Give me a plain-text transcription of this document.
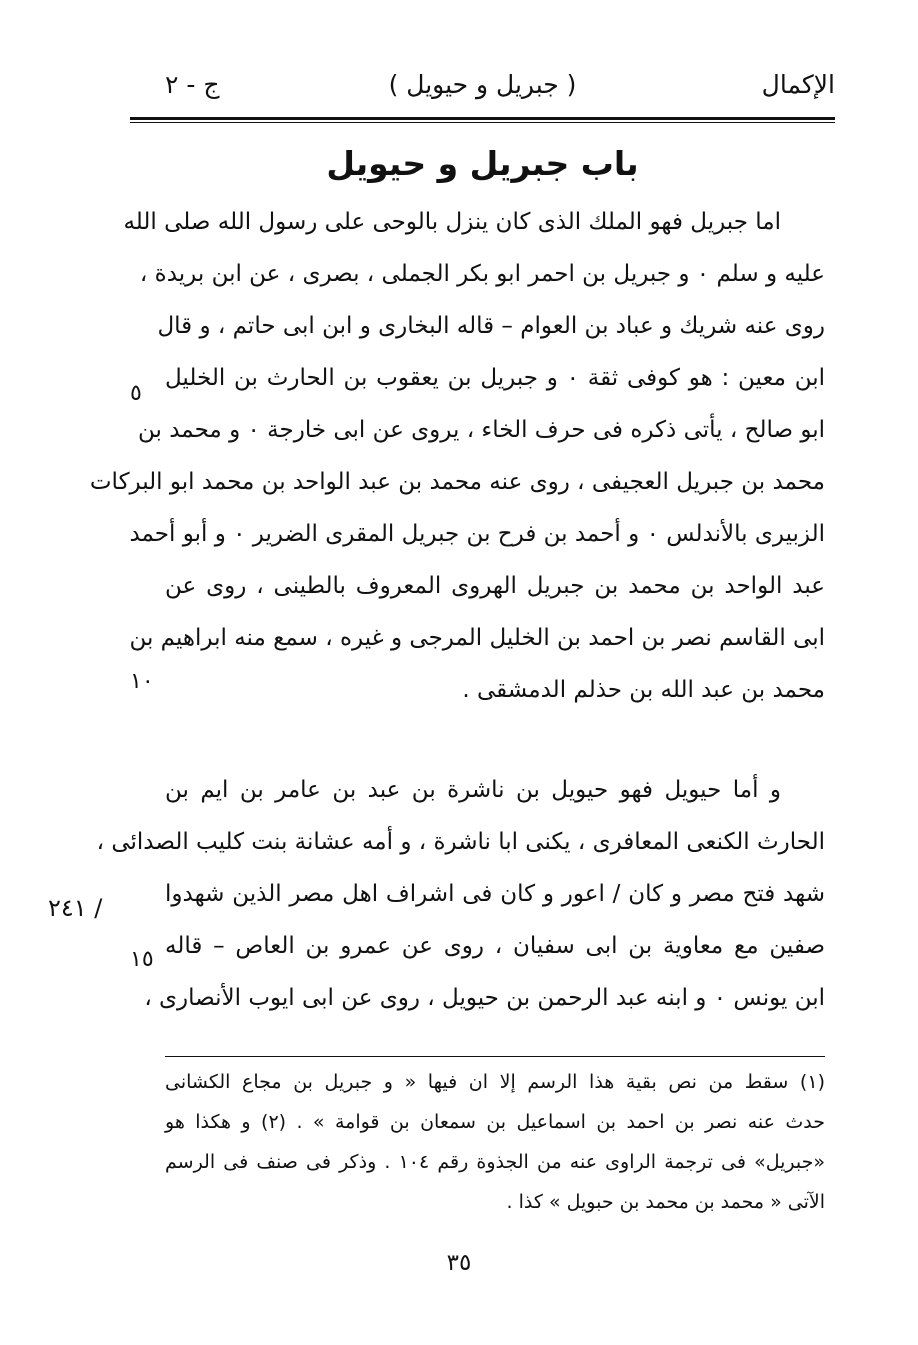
الإكمال
( جبريل و حيويل )
ج - ٢
باب جبريل و حيويل
اما جبريل فهو الملك الذى كان ينزل بالوحى على رسول الله صلى الله
عليه و سلم ۰ و جبريل بن احمر ابو بكر الجملى ، بصرى ، عن ابن بريدة ،
روى عنه شريك و عباد بن العوام – قاله البخارى و ابن ابى حاتم ، و قال
ابن معين : هو كوفى ثقة ۰ و جبريل بن يعقوب بن الحارث بن الخليل
ابو صالح ، يأتى ذكره فى حرف الخاء ، يروى عن ابى خارجة ۰ و محمد بن
محمد بن جبريل العجيفى ، روى عنه محمد بن عبد الواحد بن محمد ابو البركات
الزبيرى بالأندلس ۰ و أحمد بن فرح بن جبريل المقرى الضرير ۰ و أبو أحمد
عبد الواحد بن محمد بن جبريل الهروى المعروف بالطينى ، روى عن
ابى القاسم نصر بن احمد بن الخليل المرجى و غيره ، سمع منه ابراهيم بن
محمد بن عبد الله بن حذلم الدمشقى .
و أما حيويل فهو حيويل بن ناشرة بن عبد بن عامر بن ايم بن
الحارث الكنعى المعافرى ، يكنى ابا ناشرة ، و أمه عشانة بنت كليب الصدائى ،
شهد فتح مصر و كان / اعور و كان فى اشراف اهل مصر الذين شهدوا
صفين مع معاوية بن ابى سفيان ، روى عن عمرو بن العاص – قاله
ابن يونس ۰ و ابنه عبد الرحمن بن حيويل ، روى عن ابى ايوب الأنصارى ،
٥
١٠
١٥
٢٤١ /
(١) سقط من نص بقية هذا الرسم إلا ان فيها « و جبريل بن مجاع الكشانى
حدث عنه نصر بن احمد بن اسماعيل بن سمعان بن قوامة » . (٢) و هكذا هو
«جبريل» فى ترجمة الراوى عنه من الجذوة رقم ١٠٤ . وذكر فى صنف فى الرسم
الآتى « محمد بن محمد بن حبويل » كذا .
٣٥
